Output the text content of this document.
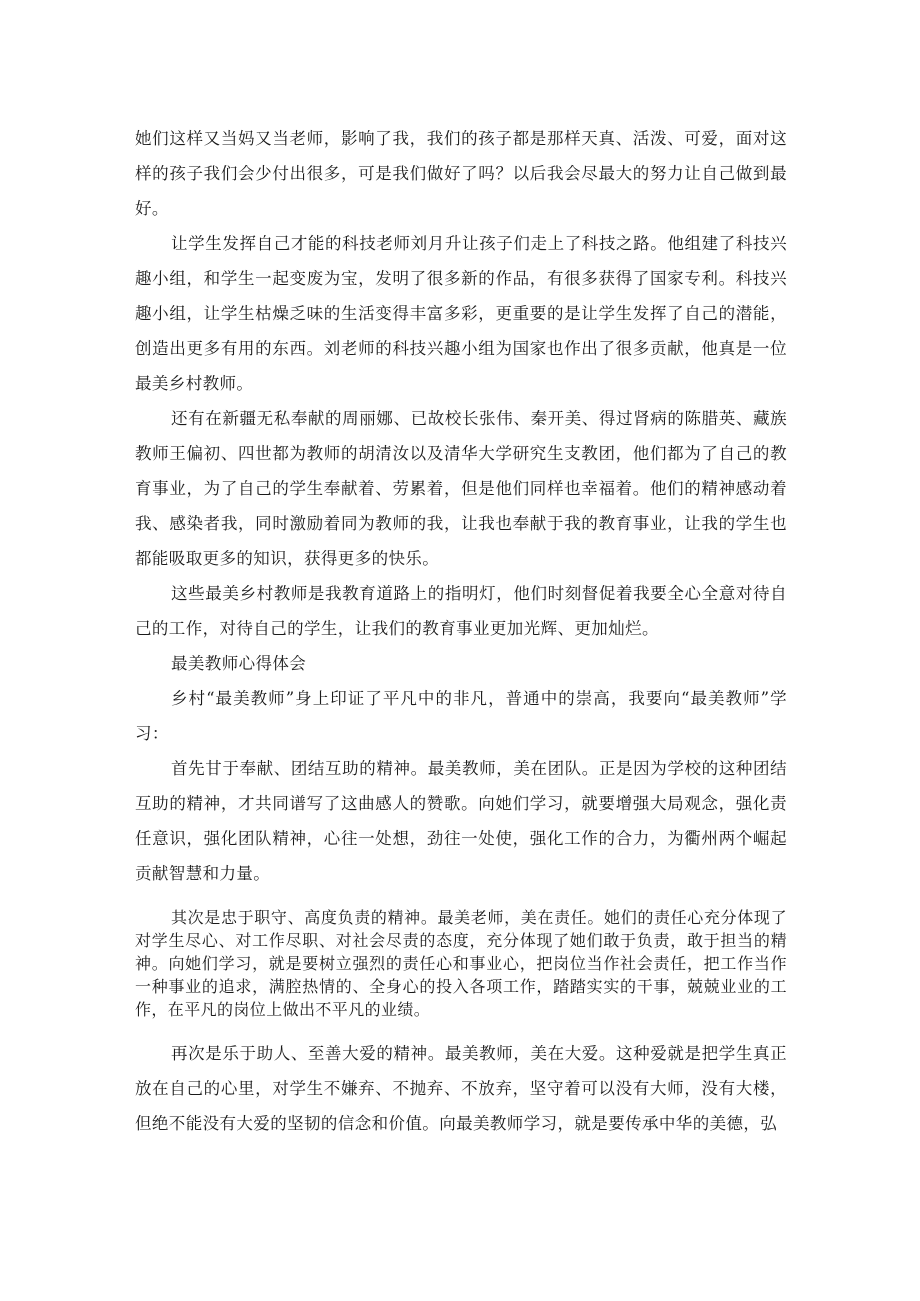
她们这样又当妈又当老师，影响了我，我们的孩子都是那样天真、活泼、可爱，面对这样的孩子我们会少付出很多，可是我们做好了吗？以后我会尽最大的努力让自己做到最好。

让学生发挥自己才能的科技老师刘月升让孩子们走上了科技之路。他组建了科技兴趣小组，和学生一起变废为宝，发明了很多新的作品，有很多获得了国家专利。科技兴趣小组，让学生枯燥乏味的生活变得丰富多彩，更重要的是让学生发挥了自己的潜能，创造出更多有用的东西。刘老师的科技兴趣小组为国家也作出了很多贡献，他真是一位最美乡村教师。

还有在新疆无私奉献的周丽娜、已故校长张伟、秦开美、得过肾病的陈腊英、藏族教师王偏初、四世都为教师的胡清汝以及清华大学研究生支教团，他们都为了自己的教育事业，为了自己的学生奉献着、劳累着，但是他们同样也幸福着。他们的精神感动着我、感染者我，同时激励着同为教师的我，让我也奉献于我的教育事业，让我的学生也都能吸取更多的知识，获得更多的快乐。

这些最美乡村教师是我教育道路上的指明灯，他们时刻督促着我要全心全意对待自己的工作，对待自己的学生，让我们的教育事业更加光辉、更加灿烂。

最美教师心得体会

乡村“最美教师”身上印证了平凡中的非凡，普通中的崇高，我要向“最美教师”学习：

首先甘于奉献、团结互助的精神。最美教师，美在团队。正是因为学校的这种团结互助的精神，才共同谱写了这曲感人的赞歌。向她们学习，就要增强大局观念，强化责任意识，强化团队精神，心往一处想，劲往一处使，强化工作的合力，为衢州两个崛起贡献智慧和力量。

其次是忠于职守、高度负责的精神。最美老师，美在责任。她们的责任心充分体现了对学生尽心、对工作尽职、对社会尽责的态度，充分体现了她们敢于负责，敢于担当的精神。向她们学习，就是要树立强烈的责任心和事业心，把岗位当作社会责任，把工作当作一种事业的追求，满腔热情的、全身心的投入各项工作，踏踏实实的干事，兢兢业业的工作，在平凡的岗位上做出不平凡的业绩。

再次是乐于助人、至善大爱的精神。最美教师，美在大爱。这种爱就是把学生真正放在自己的心里，对学生不嫌弃、不抛弃、不放弃，坚守着可以没有大师，没有大楼，但绝不能没有大爱的坚韧的信念和价值。向最美教师学习，就是要传承中华的美德，弘
